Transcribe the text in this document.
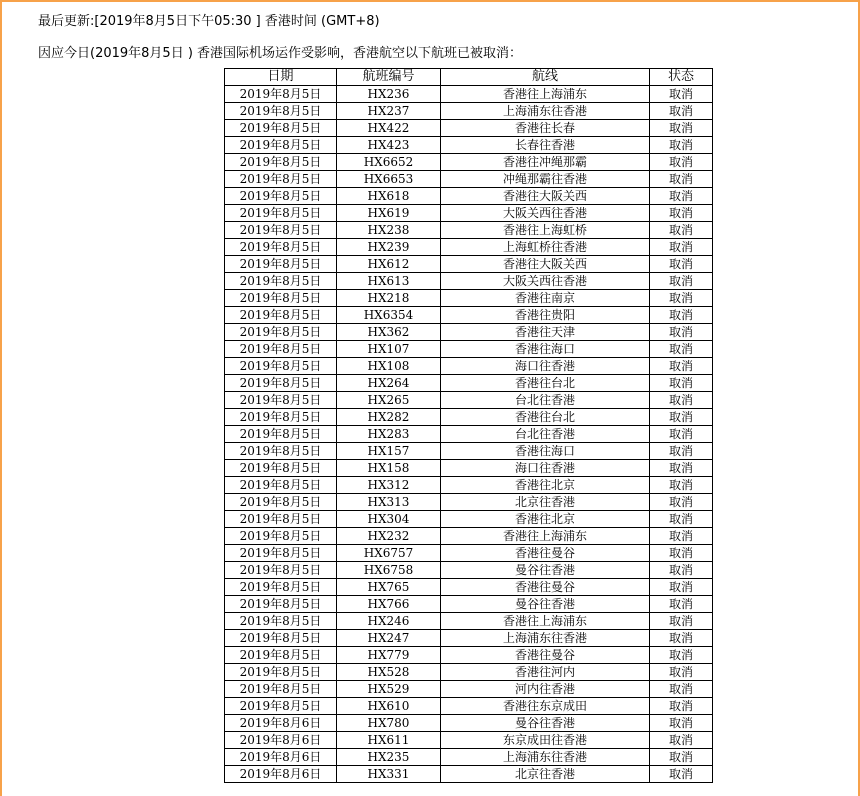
最后更新:[2019年8月5日下午05:30 ] 香港时间 (GMT+8)
因应今日(2019年8月5日 ) 香港国际机场运作受影响，香港航空以下航班已被取消：
日期	航班编号	航线	状态
2019年8月5日	HX236	香港往上海浦东	取消
2019年8月5日	HX237	上海浦东往香港	取消
2019年8月5日	HX422	香港往长春	取消
2019年8月5日	HX423	长春往香港	取消
2019年8月5日	HX6652	香港往冲绳那霸	取消
2019年8月5日	HX6653	冲绳那霸往香港	取消
2019年8月5日	HX618	香港往大阪关西	取消
2019年8月5日	HX619	大阪关西往香港	取消
2019年8月5日	HX238	香港往上海虹桥	取消
2019年8月5日	HX239	上海虹桥往香港	取消
2019年8月5日	HX612	香港往大阪关西	取消
2019年8月5日	HX613	大阪关西往香港	取消
2019年8月5日	HX218	香港往南京	取消
2019年8月5日	HX6354	香港往贵阳	取消
2019年8月5日	HX362	香港往天津	取消
2019年8月5日	HX107	香港往海口	取消
2019年8月5日	HX108	海口往香港	取消
2019年8月5日	HX264	香港往台北	取消
2019年8月5日	HX265	台北往香港	取消
2019年8月5日	HX282	香港往台北	取消
2019年8月5日	HX283	台北往香港	取消
2019年8月5日	HX157	香港往海口	取消
2019年8月5日	HX158	海口往香港	取消
2019年8月5日	HX312	香港往北京	取消
2019年8月5日	HX313	北京往香港	取消
2019年8月5日	HX304	香港往北京	取消
2019年8月5日	HX232	香港往上海浦东	取消
2019年8月5日	HX6757	香港往曼谷	取消
2019年8月5日	HX6758	曼谷往香港	取消
2019年8月5日	HX765	香港往曼谷	取消
2019年8月5日	HX766	曼谷往香港	取消
2019年8月5日	HX246	香港往上海浦东	取消
2019年8月5日	HX247	上海浦东往香港	取消
2019年8月5日	HX779	香港往曼谷	取消
2019年8月5日	HX528	香港往河内	取消
2019年8月5日	HX529	河内往香港	取消
2019年8月5日	HX610	香港往东京成田	取消
2019年8月6日	HX780	曼谷往香港	取消
2019年8月6日	HX611	东京成田往香港	取消
2019年8月6日	HX235	上海浦东往香港	取消
2019年8月6日	HX331	北京往香港	取消
